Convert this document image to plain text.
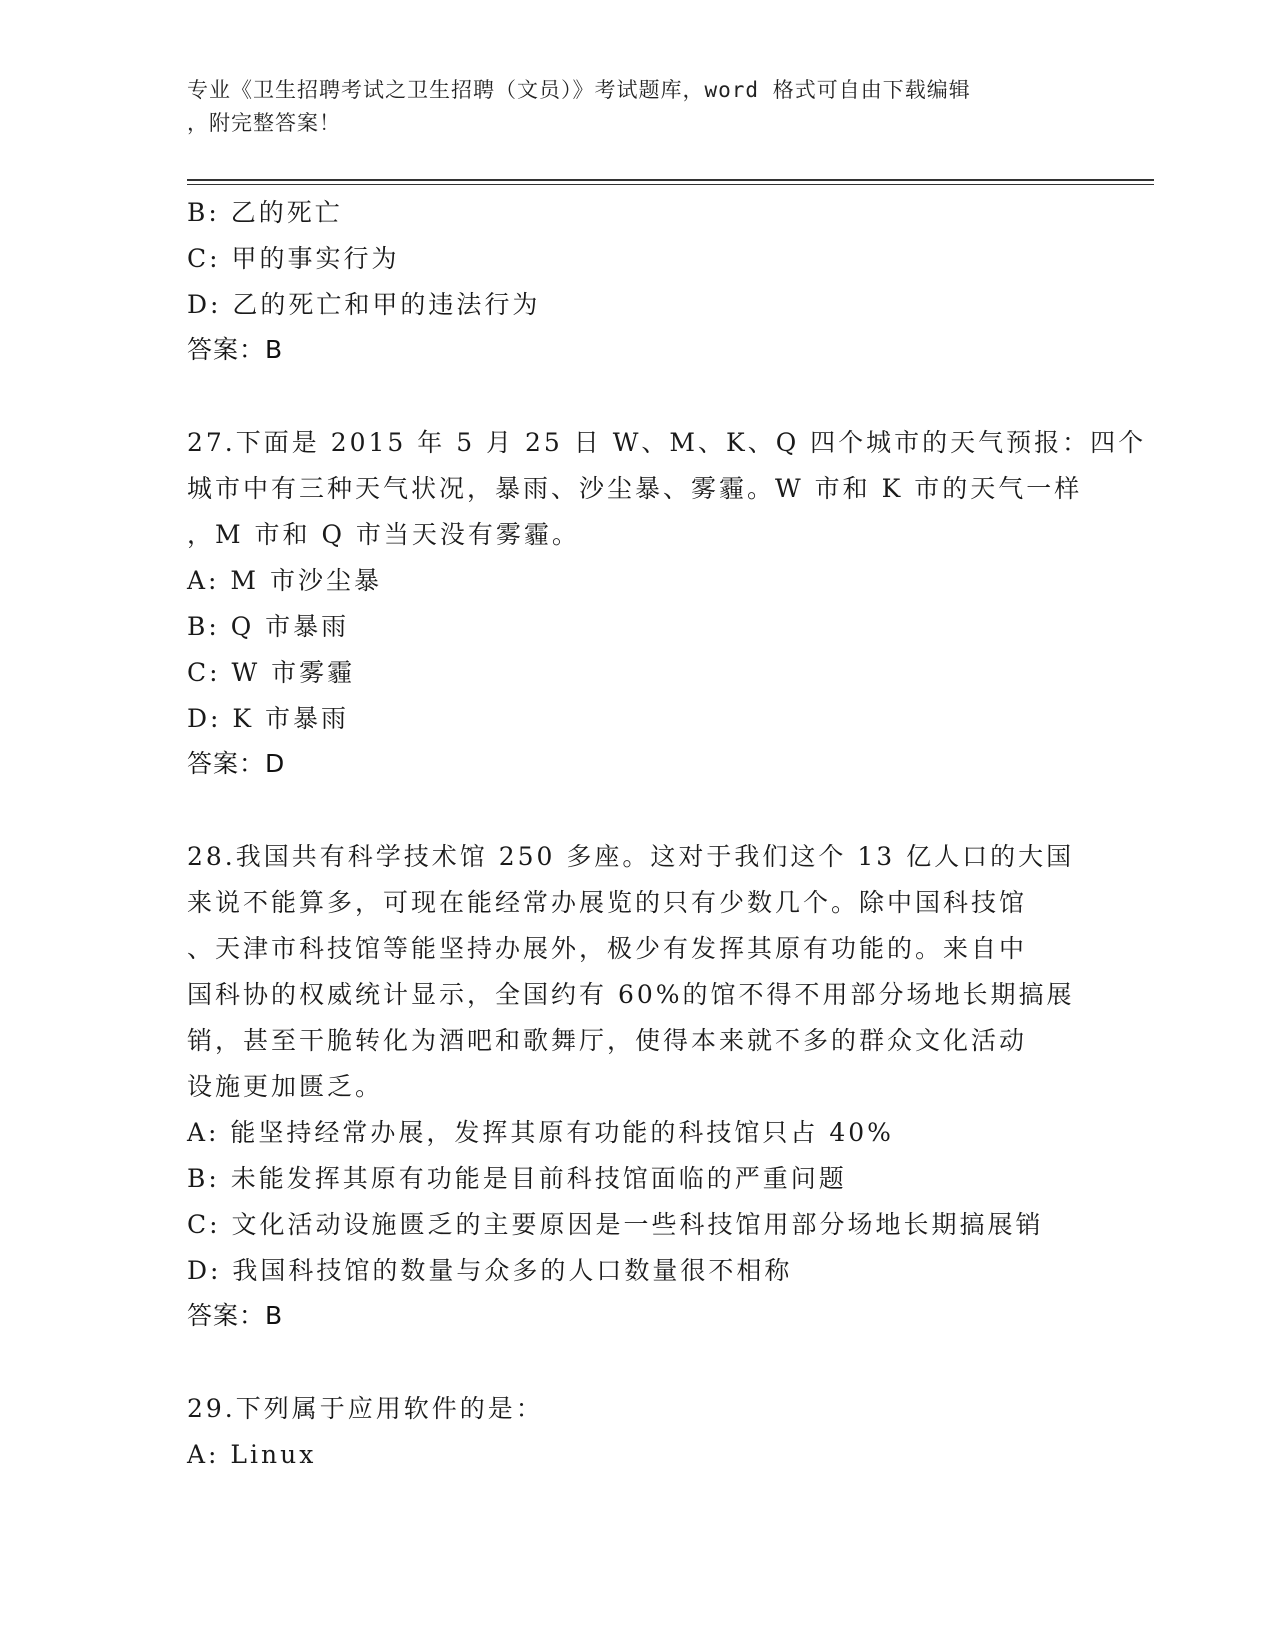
专业《卫生招聘考试之卫生招聘（文员）》考试题库，word 格式可自由下载编辑
，附完整答案！
B: 乙的死亡
C: 甲的事实行为
D: 乙的死亡和甲的违法行为
答案：B
27.下面是 2015 年 5 月 25 日 W、M、K、Q 四个城市的天气预报：四个
城市中有三种天气状况，暴雨、沙尘暴、雾霾。W 市和 K 市的天气一样
，M 市和 Q 市当天没有雾霾。
A: M 市沙尘暴
B: Q 市暴雨
C: W 市雾霾
D: K 市暴雨
答案：D
28.我国共有科学技术馆 250 多座。这对于我们这个 13 亿人口的大国
来说不能算多，可现在能经常办展览的只有少数几个。除中国科技馆
、天津市科技馆等能坚持办展外，极少有发挥其原有功能的。来自中
国科协的权威统计显示，全国约有 60%的馆不得不用部分场地长期搞展
销，甚至干脆转化为酒吧和歌舞厅，使得本来就不多的群众文化活动
设施更加匮乏。
A: 能坚持经常办展，发挥其原有功能的科技馆只占 40%
B: 未能发挥其原有功能是目前科技馆面临的严重问题
C: 文化活动设施匮乏的主要原因是一些科技馆用部分场地长期搞展销
D: 我国科技馆的数量与众多的人口数量很不相称
答案：B
29.下列属于应用软件的是：
A: Linux
